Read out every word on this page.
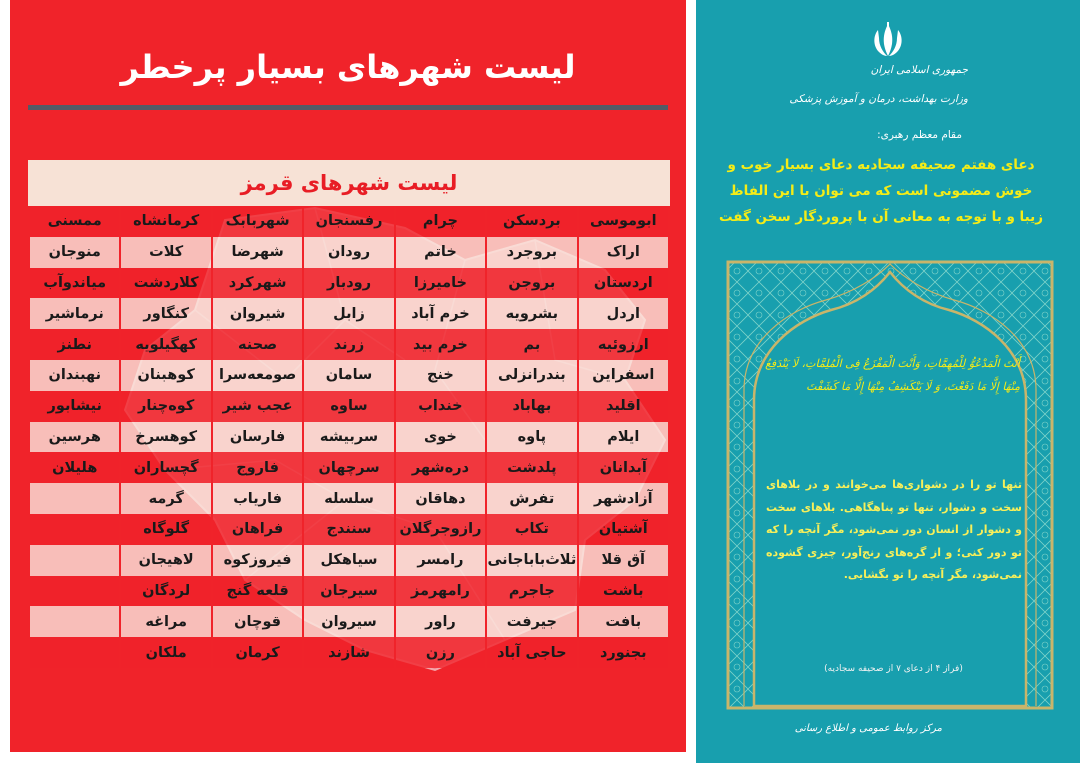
لیست شهرهای بسیار پرخطر
لیست شهرهای قرمز
ابوموسی	بردسکن	چرام	رفسنجان	شهربابک	کرمانشاه	ممسنی
اراک	بروجرد	خاتم	رودان	شهرضا	کلات	منوجان
اردستان	بروجن	خامیرزا	رودبار	شهرکرد	کلاردشت	میاندوآب
اردل	بشرویه	خرم آباد	زابل	شیروان	کنگاور	نرماشیر
ارزوئیه	بم	خرم بید	زرند	صحنه	کهگیلویه	نطنز
اسفراین	بندرانزلی	خنج	سامان	صومعه‌سرا	کوهبنان	نهبندان
اقلید	بهاباد	خنداب	ساوه	عجب شیر	کوه‌چنار	نیشابور
ایلام	پاوه	خوی	سربیشه	فارسان	کوهسرخ	هرسین
آبدانان	پلدشت	دره‌شهر	سرچهان	فاروج	گچساران	هلیلان
آزادشهر	تفرش	دهاقان	سلسله	فاریاب	گرمه	
آشتیان	تکاب	رازوجرگلان	سنندج	فراهان	گلوگاه	
آق قلا	ثلاث‌باباجانی	رامسر	سیاهکل	فیروزکوه	لاهیجان	
باشت	جاجرم	رامهرمز	سیرجان	قلعه گنج	لردگان	
بافت	جیرفت	راور	سیروان	قوچان	مراغه	
بجنورد	حاجی آباد	رزن	شازند	کرمان	ملکان	
جمهوری اسلامی ایران
وزارت بهداشت، درمان و آموزش پزشکی
مقام معظم رهبری:
دعای هفتم صحیفه سجادیه دعای بسیار خوب و خوش مضمونی است که می توان با این الفاظ زیبا و با توجه به معانی آن با پروردگار سخن گفت
أَنْتَ الْمَدْعُوُّ لِلْمُهِمَّاتِ، وَأَنْتَ الْمَفْزَعُ فِی الْمُلِمَّاتِ، لَا یَنْدَفِعُ مِنْهَا إِلَّا مَا دَفَعْتَ، وَ لَا یَنْکَشِفُ مِنْهَا إِلَّا مَا کَشَفْتَ
تنها تو را در دشواری‌ها می‌خوانند و در بلاهای سخت و دشوار، تنها تو پناهگاهی. بلاهای سخت و دشوار از انسان دور نمی‌شود، مگر آنچه را که تو دور کنی؛ و از گره‌های رنج‌آور، چیزی گشوده نمی‌شود، مگر آنچه را تو بگشایی.
(فراز ۴ از دعای ۷ از صحیفه سجادیه)
مرکز روابط عمومی و اطلاع رسانی
